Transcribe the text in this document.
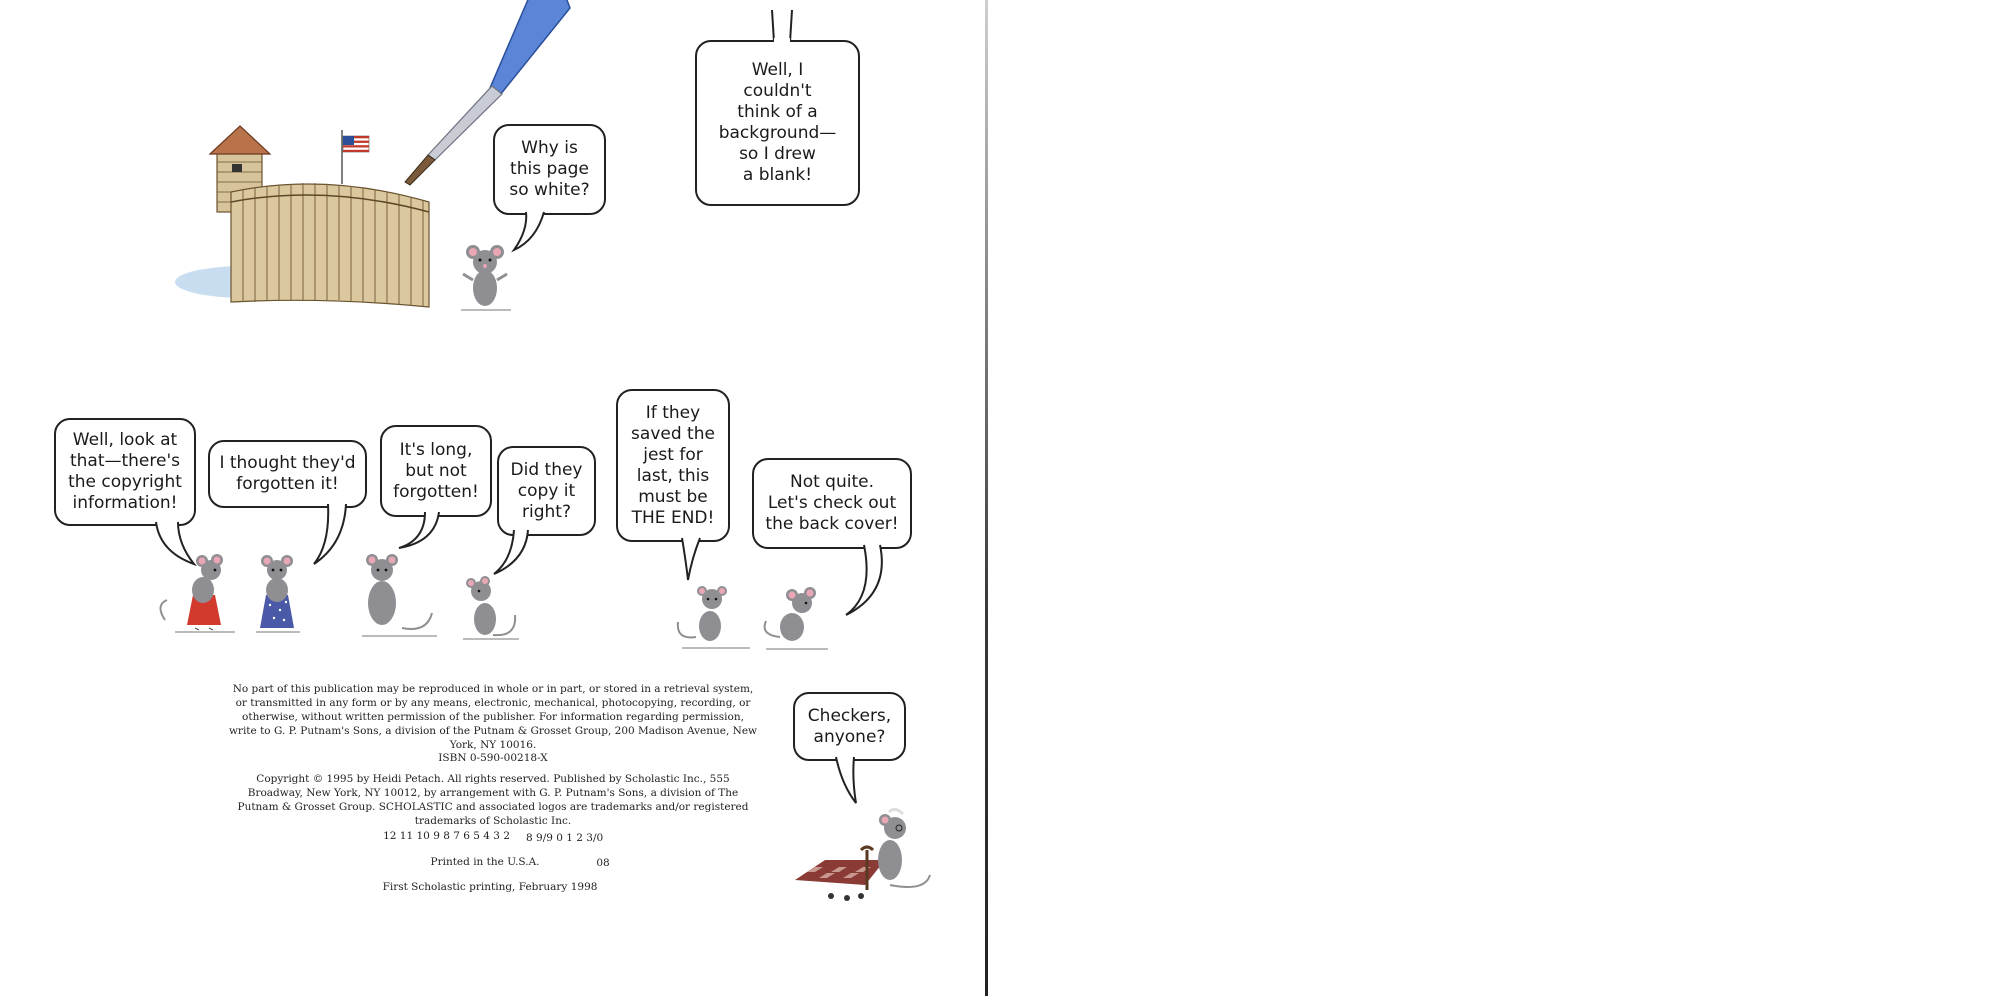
Well, I
couldn't
think of a
background—
so I drew
a blank!
Why is
this page
so white?
Well, look at
that—there's
the copyright
information!
I thought they'd
forgotten it!
It's long,
but not
forgotten!
Did they
copy it
right?
If they
saved the
jest for
last, this
must be
THE END!
Not quite.
Let's check out
the back cover!
No part of this publication may be reproduced in whole or in part, or stored in a retrieval system, or transmitted in any form or by any means, electronic, mechanical, photocopying, recording, or otherwise, without written permission of the publisher. For information regarding permission, write to G. P. Putnam's Sons, a division of the Putnam & Grosset Group, 200 Madison Avenue, New York, NY 10016.
ISBN 0-590-00218-X
Copyright © 1995 by Heidi Petach. All rights reserved. Published by Scholastic Inc., 555 Broadway, New York, NY 10012, by arrangement with G. P. Putnam's Sons, a division of The Putnam & Grosset Group. SCHOLASTIC and associated logos are trademarks and/or registered trademarks of Scholastic Inc.
12 11 10 9 8 7 6 5 4 3 2 8 9/9 0 1 2 3/0
Printed in the U.S.A.	08
First Scholastic printing, February 1998
Checkers,
anyone?
